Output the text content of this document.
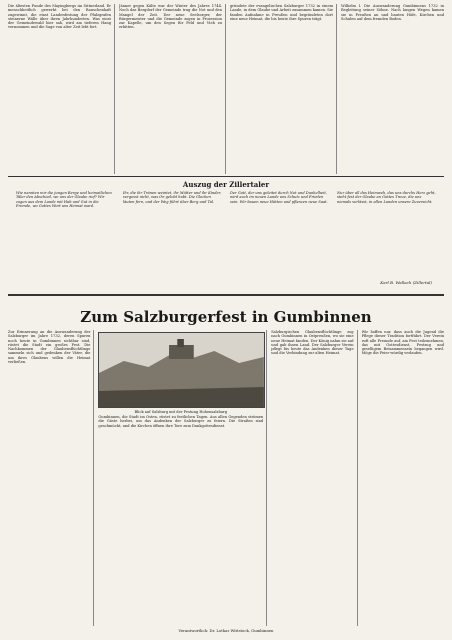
Die ältesten Funde des Mayingbergs im Sittnerland. Er menschheitlich gewerkt bei den Rauschenhaft zugewinnt, die einst Landenfestung der Pfalzgrafen steinerne Wälle über ihren Jahrhunderten. Was einst der Gemeindewald hier sah, wird am tieferen Hang vernommen und die Sage von alter Zeit lebt fort.

Jänner gegen Kälte war der Winter des Jahres 1744. Noch das Bergdorf der Gemeinde trug die Not und den Mangel der Zeit. Der neue Seelsorger, der Bürgermeister und die Gemeinde zogen in Prozession zur Kapelle, um den Segen für Feld und Vieh zu erbitten.

gründete der evangelischen Salzburger 1732 in einem Lande, in dem Glaube und Arbeit zusammen kamen. Sie fanden Aufnahme in Preußen und begründeten dort eine neue Heimat, die bis heute ihre Spuren trägt.

Wilhelm I. Die Auswanderung Gumbinnens 1732 in Begleitung seiner Söhne. Nach langen Wegen kamen sie in Preußen an und bauten Höfe, Kirchen und Schulen auf dem fremden Boden.

Auszug der Zillertaler
Wie nannten mir die jungen Berge und heimatlichen Täler den Abschied, wo uns der Glaube rief? Wir zogen aus dem Lande mit Hab und Gut in die Fremde, wo Gottes Wort uns Heimat ward.
Ihr, die ihr Tränen weintet, ihr Mütter und ihr Kinder, vergesst nicht, was ihr gelobt habt. Die Glocken läuten fern, und der Weg führt über Berg und Tal.
Der Gott, der uns geleitet durch Not und Dunkelheit, wird auch im neuen Lande uns Schutz und Frieden sein. Wir bauen neue Hütten und pflanzen neue Saat.
Nur über all das Heimweh, das uns durchs Herz geht, steht fest der Glaube an Gottes Treue, die uns niemals verlässt, in allen Landen unsere Zuversicht.
Karl B. Wallach (Zillertal)
Zum Salzburgerfest in Gumbinnen

Zur Erinnerung an die Auswanderung der Salzburger im Jahre 1732, deren Spuren noch heute in Gumbinnen sichtbar sind, rüstet die Stadt ein großes Fest. Die Nachkommen der Glaubensflüchtlinge sammeln sich und gedenken der Väter, die um ihres Glaubens willen die Heimat verließen.

Blick auf Salzburg mit der Festung Hohensalzburg

Gumbinnen, die Stadt im Osten, rüstet zu festlichen Tagen. Aus allen Gegenden strömen die Gäste herbei, um das Andenken der Salzburger zu feiern. Die Straßen sind geschmückt, und die Kirchen öffnen ihre Tore zum Dankgottesdienst.

Salzburgischen Glaubensflüchtlinge zog nach Gumbinnen in Ostpreußen, wo sie eine neue Heimat fanden. Der König nahm sie auf und gab ihnen Land. Der Salzburger Verein pflegt bis heute das Andenken dieser Tage und die Verbindung zur alten Heimat.

Wir hoffen nur, dass auch die Jugend die Pflege dieser Tradition fortführt. Der Verein ruft alle Freunde auf, am Fest teilzunehmen, das mit Gottesdienst, Festzug und geselligem Beisammensein begangen wird. Möge die Feier würdig verlaufen.

Verantwortlich: Dr. Lothar Wittstock, Gumbinnen
